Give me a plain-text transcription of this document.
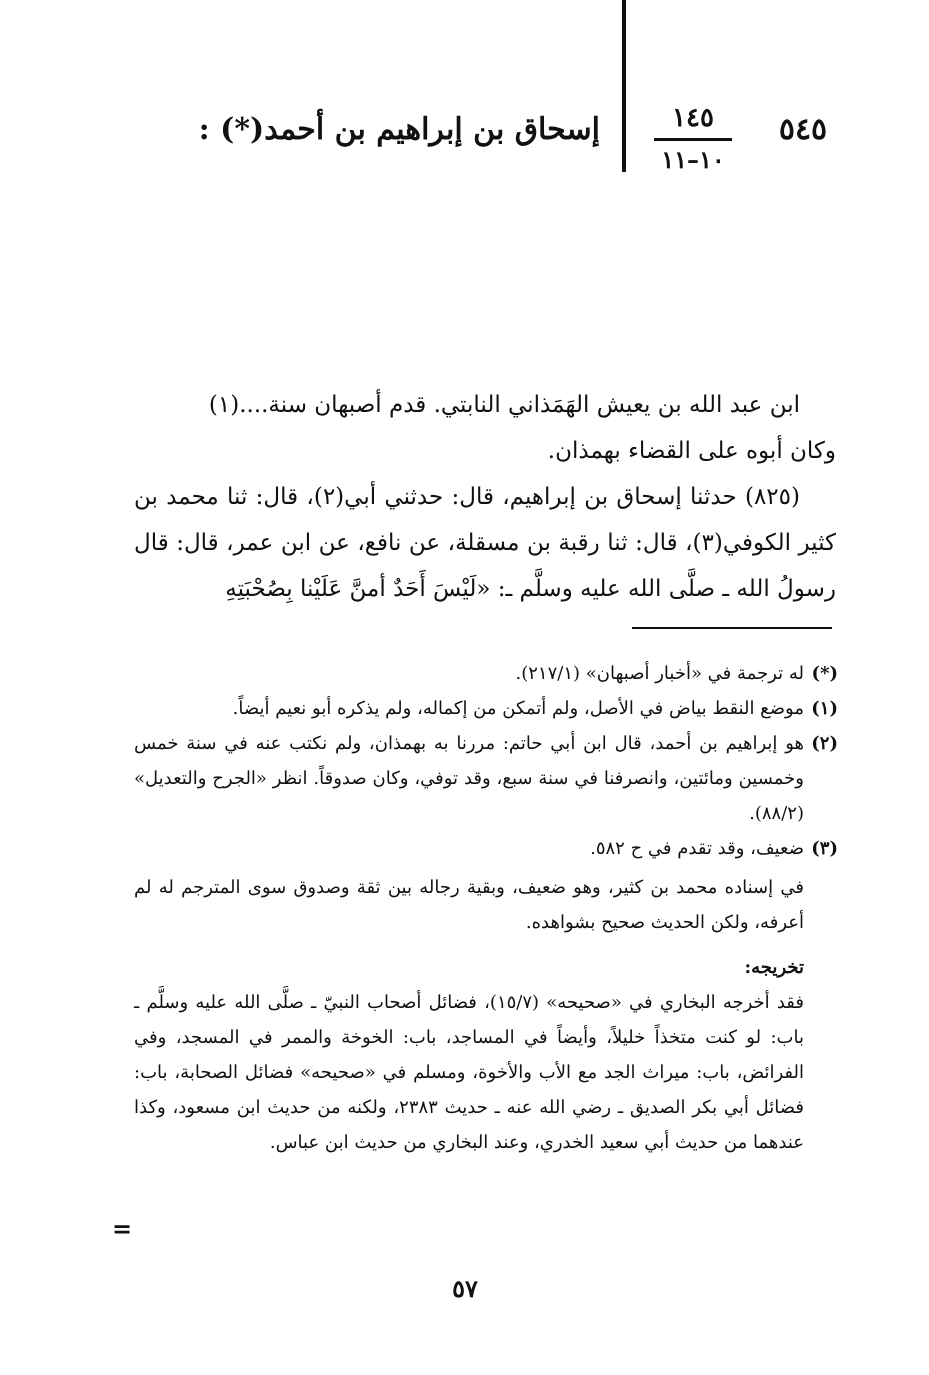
٥٤٥
١٤٥
١٠–١١
إسحاق بن إبراهيم بن أحمد(*) :

ابن عبد الله بن يعيش الهَمَذاني النابتي. قدم أصبهان سنة....(١)

وكان أبوه على القضاء بهمذان.

(٨٢٥) حدثنا إسحاق بن إبراهيم، قال: حدثني أبي(٢)، قال: ثنا محمد بن كثير الكوفي(٣)، قال: ثنا رقبة بن مسقلة، عن نافع، عن ابن عمر، قال: قال رسولُ الله ـ صلَّى الله عليه وسلَّم ـ: «لَيْسَ أَحَدٌ أمنَّ عَلَيْنا بِصُحْبَتِهِ

(*)
له ترجمة في «أخبار أصبهان» (٢١٧/١).
(١)
موضع النقط بياض في الأصل، ولم أتمكن من إكماله، ولم يذكره أبو نعيم أيضاً.
(٢)
هو إبراهيم بن أحمد، قال ابن أبي حاتم: مررنا به بهمذان، ولم نكتب عنه في سنة خمس وخمسين ومائتين، وانصرفنا في سنة سبع، وقد توفي، وكان صدوقاً. انظر «الجرح والتعديل» (٨٨/٢).
(٣)
ضعيف، وقد تقدم في ح ٥٨٢.
في إسناده محمد بن كثير، وهو ضعيف، وبقية رجاله بين ثقة وصدوق سوى المترجم له لم أعرفه، ولكن الحديث صحيح بشواهده.
تخريجه:
فقد أخرجه البخاري في «صحيحه» (١٥/٧)، فضائل أصحاب النبيّ ـ صلَّى الله عليه وسلَّم ـ باب: لو كنت متخذاً خليلاً، وأيضاً في المساجد، باب: الخوخة والممر في المسجد، وفي الفرائض، باب: ميراث الجد مع الأب والأخوة، ومسلم في «صحيحه» فضائل الصحابة، باب: فضائل أبي بكر الصديق ـ رضي الله عنه ـ حديث ٢٣٨٣، ولكنه من حديث ابن مسعود، وكذا عندهما من حديث أبي سعيد الخدري، وعند البخاري من حديث ابن عباس.
=
٥٧
